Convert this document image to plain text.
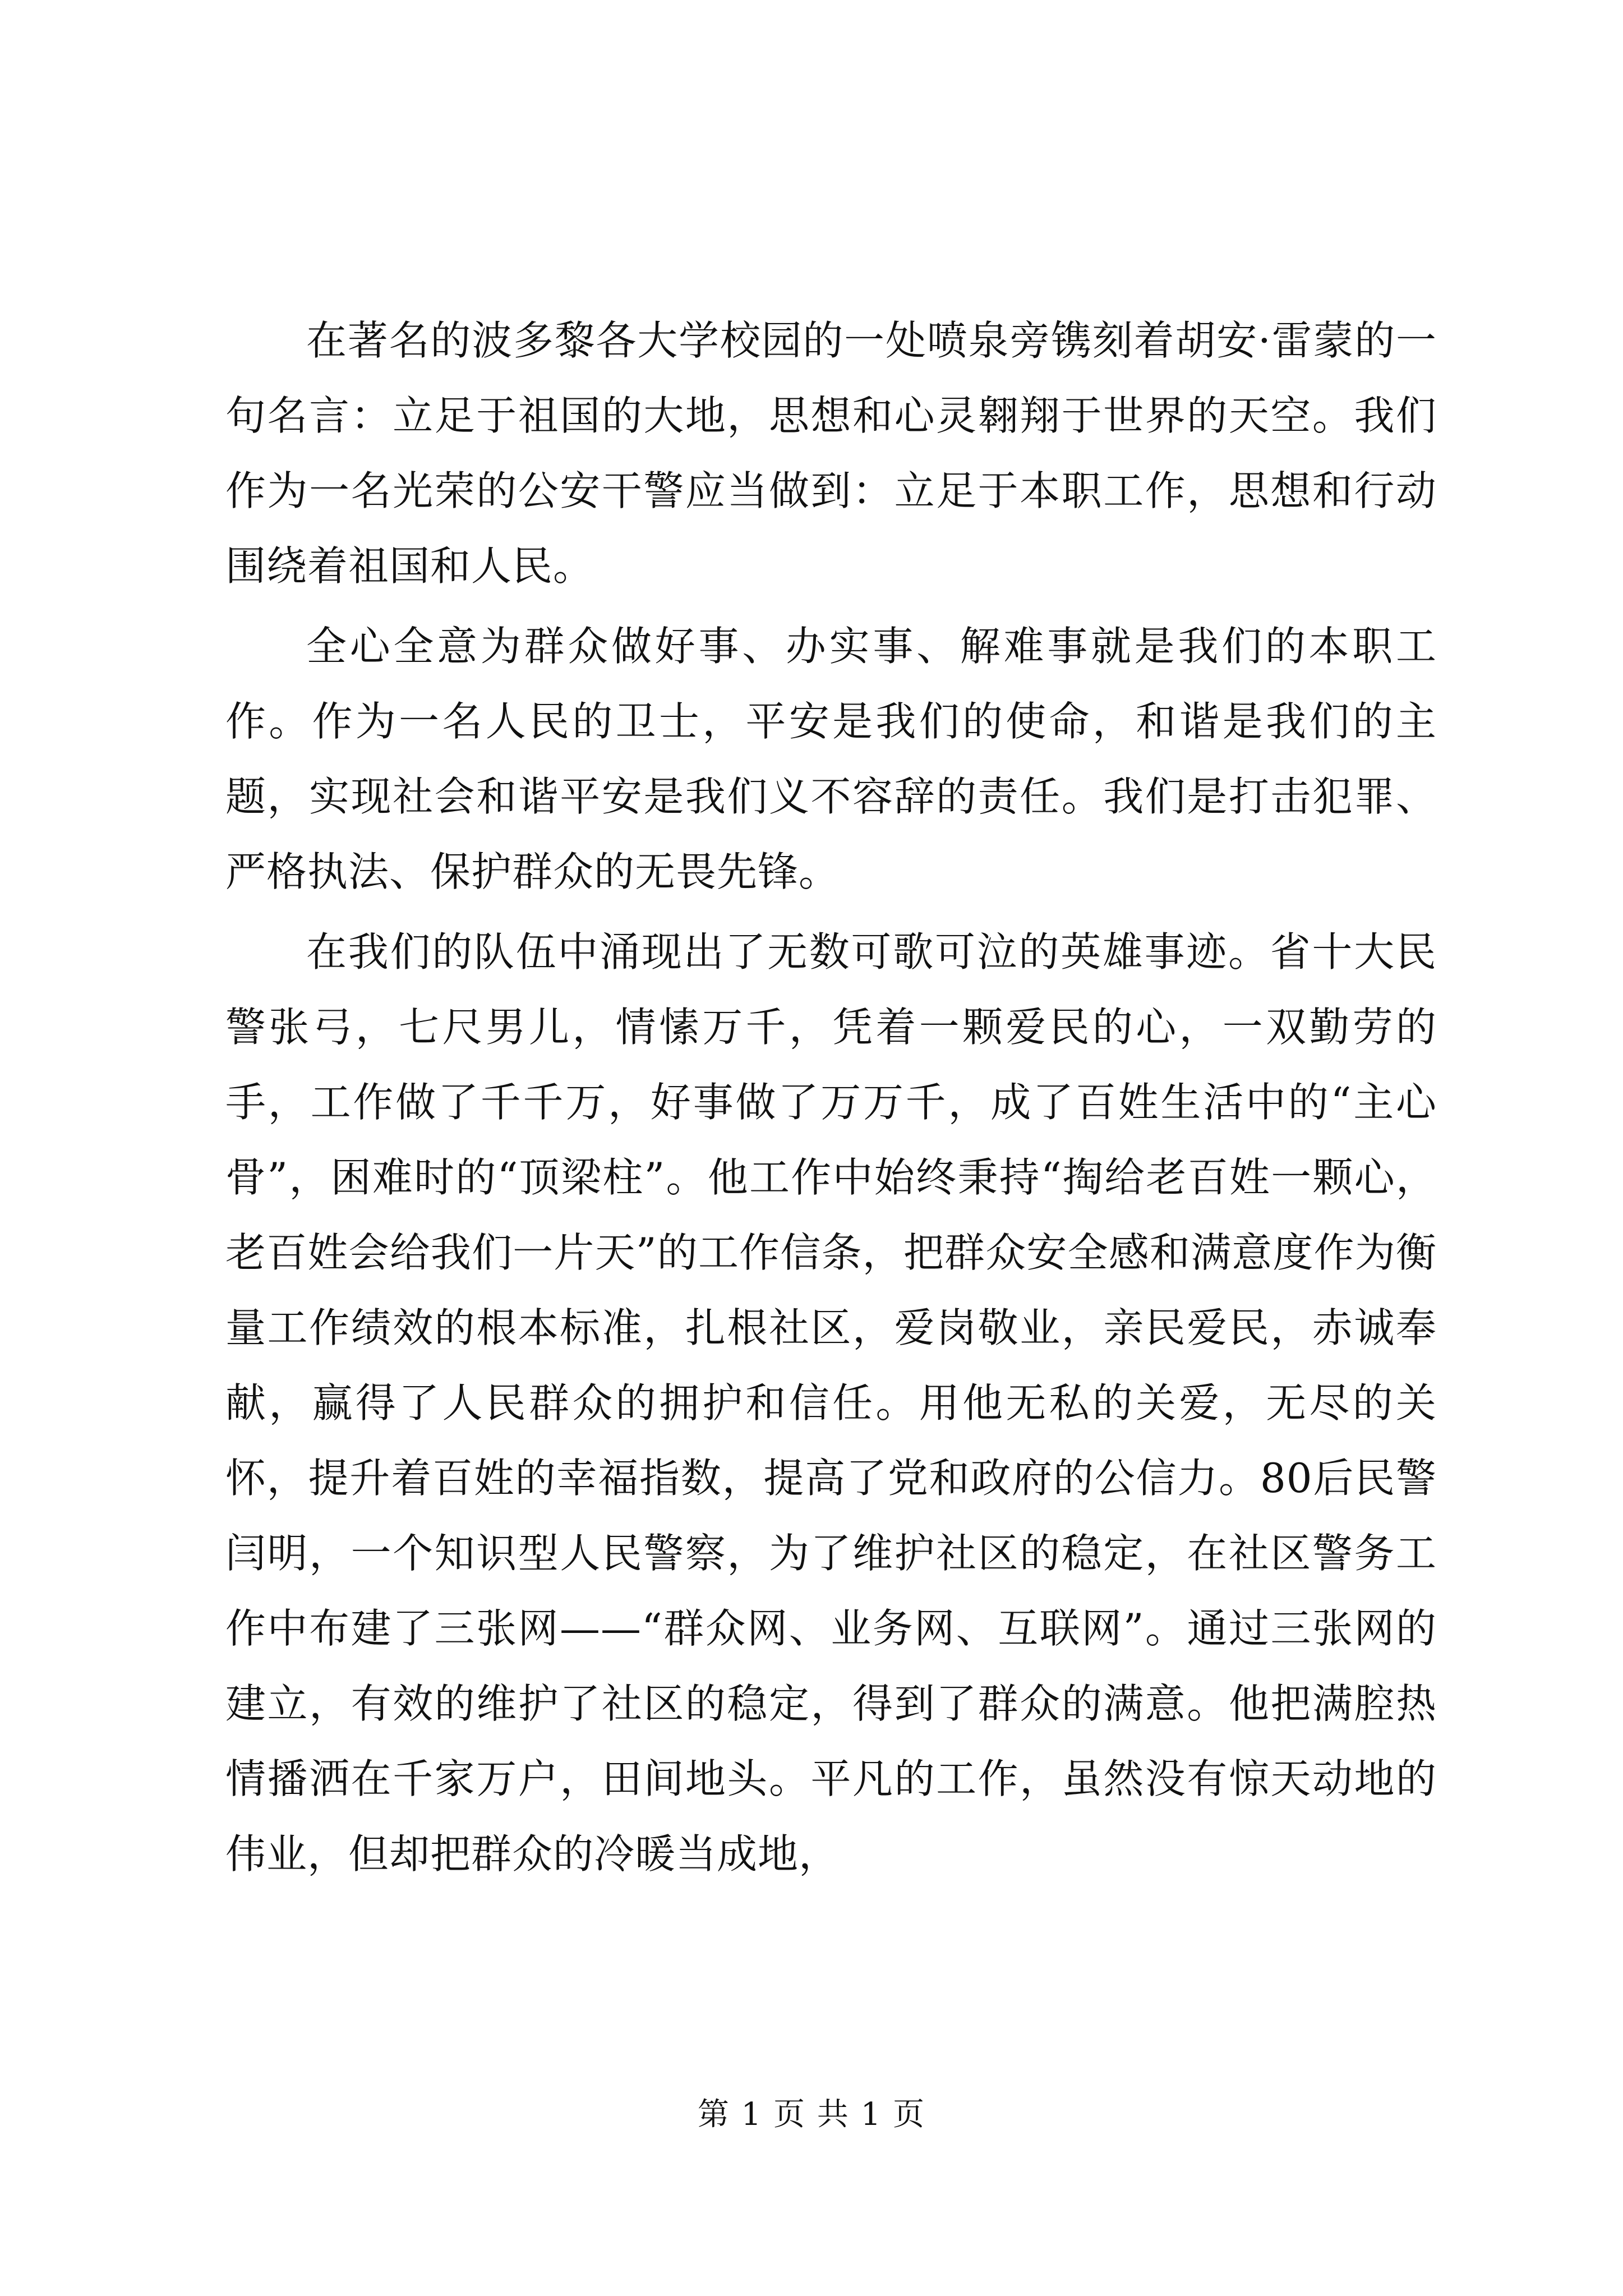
在著名的波多黎各大学校园的一处喷泉旁镌刻着胡安·雷蒙的一句名言：立足于祖国的大地，思想和心灵翱翔于世界的天空。我们作为一名光荣的公安干警应当做到：立足于本职工作，思想和行动围绕着祖国和人民。

全心全意为群众做好事、办实事、解难事就是我们的本职工作。作为一名人民的卫士，平安是我们的使命，和谐是我们的主题，实现社会和谐平安是我们义不容辞的责任。我们是打击犯罪、严格执法、保护群众的无畏先锋。

在我们的队伍中涌现出了无数可歌可泣的英雄事迹。省十大民警张弓，七尺男儿，情愫万千，凭着一颗爱民的心，一双勤劳的手，工作做了千千万，好事做了万万千，成了百姓生活中的“主心骨”，困难时的“顶梁柱”。他工作中始终秉持“掏给老百姓一颗心，老百姓会给我们一片天”的工作信条，把群众安全感和满意度作为衡量工作绩效的根本标准，扎根社区，爱岗敬业，亲民爱民，赤诚奉献，赢得了人民群众的拥护和信任。用他无私的关爱，无尽的关怀，提升着百姓的幸福指数，提高了党和政府的公信力。80后民警闫明，一个知识型人民警察，为了维护社区的稳定，在社区警务工作中布建了三张网——“群众网、业务网、互联网”。通过三张网的建立，有效的维护了社区的稳定，得到了群众的满意。他把满腔热情播洒在千家万户，田间地头。平凡的工作，虽然没有惊天动地的伟业，但却把群众的冷暖当成地，

第 1 页 共 1 页
